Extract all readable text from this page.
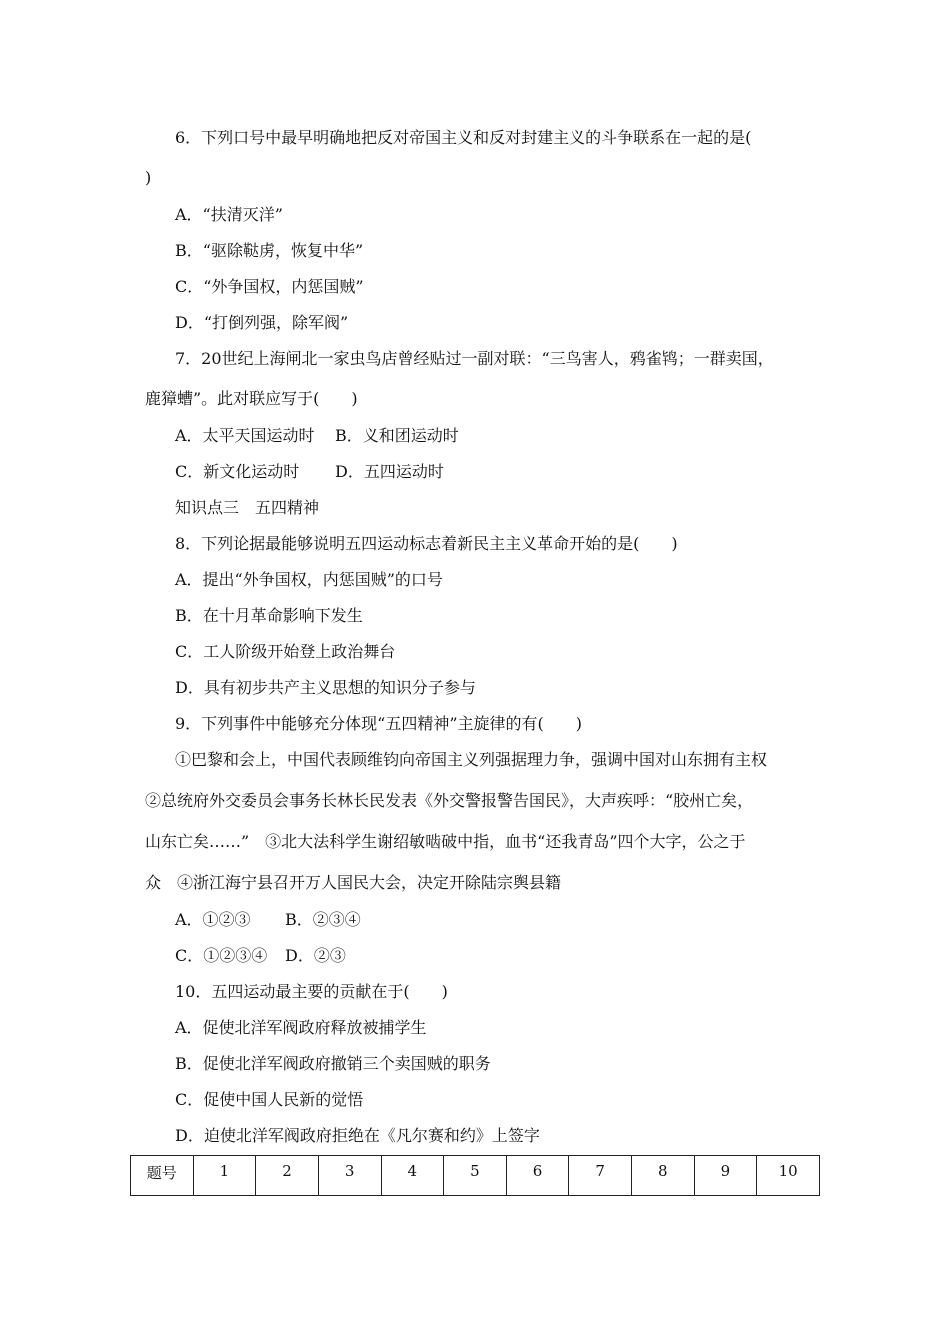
6．下列口号中最早明确地把反对帝国主义和反对封建主义的斗争联系在一起的是(
)
A．“扶清灭洋”
B．“驱除鞑虏，恢复中华”
C．“外争国权，内惩国贼”
D．“打倒列强，除军阀”
7．20世纪上海闸北一家虫鸟店曾经贴过一副对联：“三鸟害人，鸦雀鸨；一群卖国，
鹿獐螬”。此对联应写于(　　)
A．太平天国运动时 B．义和团运动时
C．新文化运动时 D．五四运动时
知识点三　五四精神
8．下列论据最能够说明五四运动标志着新民主主义革命开始的是(　　)
A．提出“外争国权，内惩国贼”的口号
B．在十月革命影响下发生
C．工人阶级开始登上政治舞台
D．具有初步共产主义思想的知识分子参与
9．下列事件中能够充分体现“五四精神”主旋律的有(　　)
①巴黎和会上，中国代表顾维钧向帝国主义列强据理力争，强调中国对山东拥有主权
②总统府外交委员会事务长林长民发表《外交警报警告国民》，大声疾呼：“胶州亡矣，
山东亡矣……”　③北大法科学生谢绍敏啮破中指，血书“还我青岛”四个大字，公之于
众　④浙江海宁县召开万人国民大会，决定开除陆宗舆县籍
A．①②③ B．②③④
C．①②③④ D．②③
10．五四运动最主要的贡献在于(　　)
A．促使北洋军阀政府释放被捕学生
B．促使北洋军阀政府撤销三个卖国贼的职务
C．促使中国人民新的觉悟
D．迫使北洋军阀政府拒绝在《凡尔赛和约》上签字
题号	1	2	3	4	5	6	7	8	9	10
